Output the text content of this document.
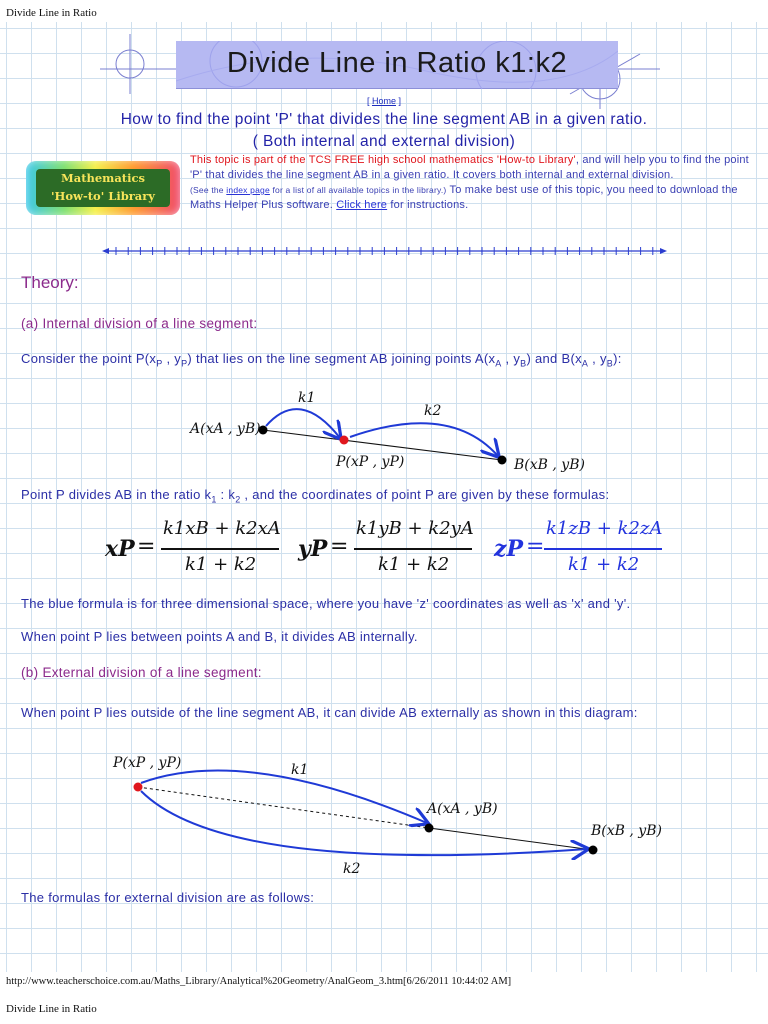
Divide Line in Ratio
Divide Line in Ratio k1:k2
[ Home ]
How to find the point 'P' that divides the line segment AB in a given ratio.
( Both internal and external division)
Mathematics
'How-to' Library
This topic is part of the TCS FREE high school mathematics 'How-to Library', and will help you to find the point 'P' that divides the line segment AB in a given ratio. It covers both internal and external division.
(See the index page for a list of all available topics in the library.) To make best use of this topic, you need to download the Maths Helper Plus software. Click here for instructions.
Theory:
(a) Internal division of a line segment:
Consider the point $P(x_P$ , $y_P$) that lies on the line segment AB joining points $A(x_A$ , $y_B$) and $B(x_A$ , $y_B$):
A(xA , yB)
P(xP , yP)	B(xB , yB)
k1
k2
Point P divides AB in the ratio $k_1$ : $k_2$ , and the coordinates of point P are given by these formulas:
xP =
k1xB + k2xA
k1 + k2
yP =
k1yB + k2yA
k1 + k2
zP =
k1zB + k2zA
k1 + k2
The blue formula is for three dimensional space, where you have 'z' coordinates as well as 'x' and 'y'.
When point P lies between points A and B, it divides AB internally.
(b) External division of a line segment:
When point P lies outside of the line segment AB, it can divide AB externally as shown in this diagram:
P(xP , yP)
A(xA , yB)
B(xB , yB)
k1
k2
The formulas for external division are as follows:
http://www.teacherschoice.com.au/Maths_Library/Analytical%20Geometry/AnalGeom_3.htm[6/26/2011 10:44:02 AM]
Divide Line in Ratio
